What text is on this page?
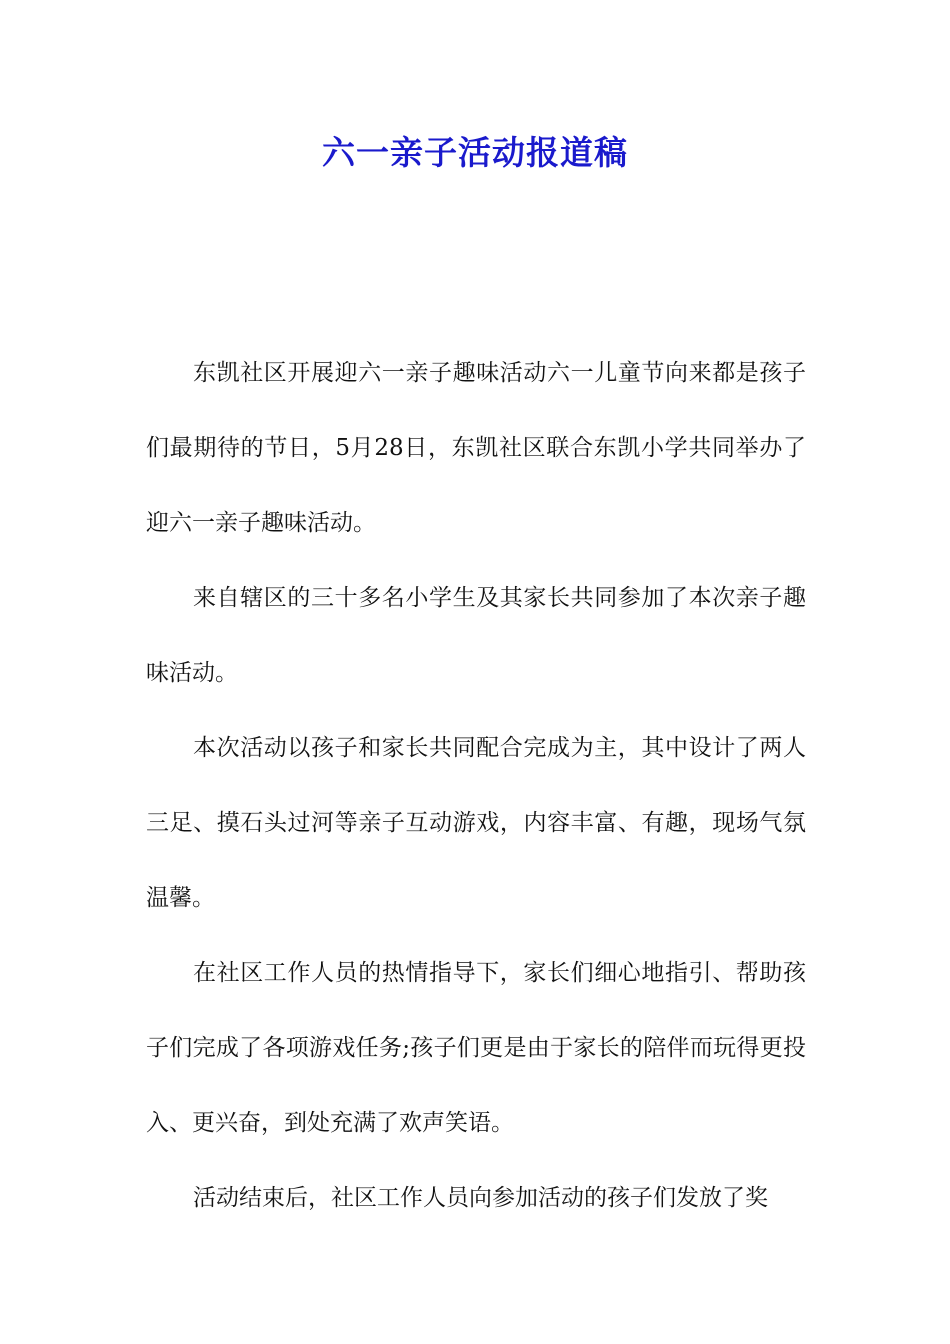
六一亲子活动报道稿

东凯社区开展迎六一亲子趣味活动六一儿童节向来都是孩子们最期待的节日，5月28日，东凯社区联合东凯小学共同举办了迎六一亲子趣味活动。

来自辖区的三十多名小学生及其家长共同参加了本次亲子趣味活动。

本次活动以孩子和家长共同配合完成为主，其中设计了两人三足、摸石头过河等亲子互动游戏，内容丰富、有趣，现场气氛温馨。

在社区工作人员的热情指导下，家长们细心地指引、帮助孩子们完成了各项游戏任务;孩子们更是由于家长的陪伴而玩得更投入、更兴奋，到处充满了欢声笑语。

活动结束后，社区工作人员向参加活动的孩子们发放了奖
